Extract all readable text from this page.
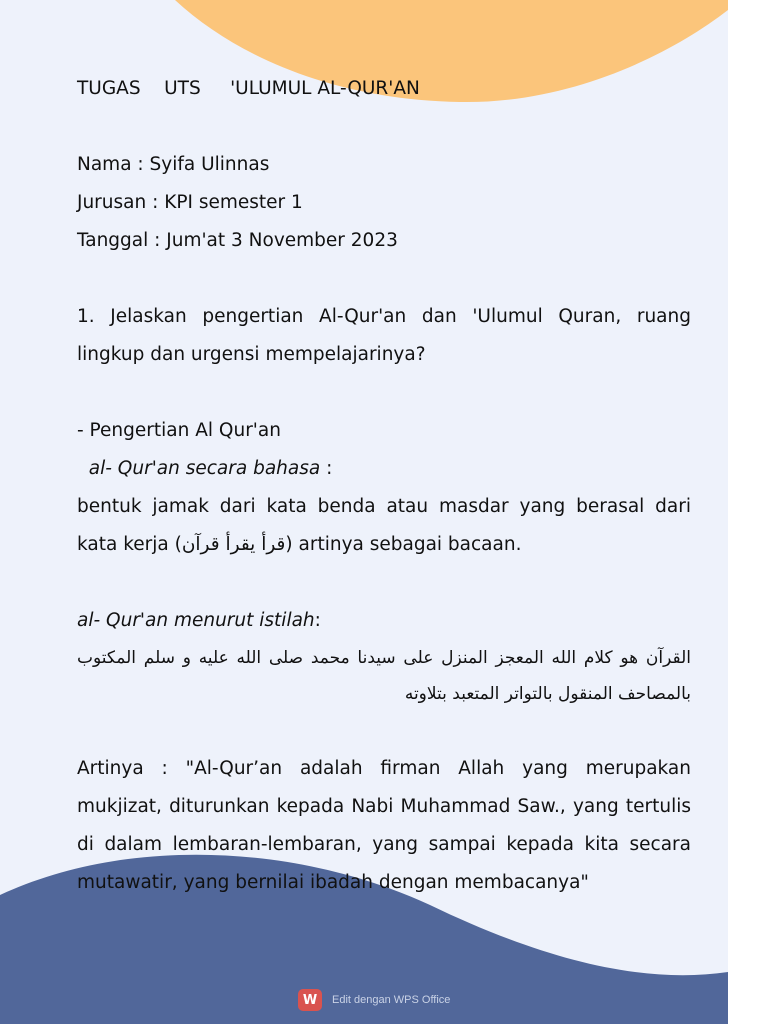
TUGAS    UTS     'ULUMUL AL-QUR'AN
Nama : Syifa Ulinnas
Jurusan : KPI semester 1
Tanggal : Jum'at 3 November 2023
1. Jelaskan pengertian Al-Qur'an dan 'Ulumul Quran, ruang lingkup dan urgensi mempelajarinya?
- Pengertian Al Qur'an
al- Qur'an secara bahasa :
bentuk jamak dari kata benda atau masdar yang berasal dari kata kerja (قرأ يقرأ قرآن) artinya sebagai bacaan.
al- Qur'an menurut istilah:
القرآن هو كلام الله المعجز المنزل على سيدنا محمد صلى الله عليه و سلم المكتوب بالمصاحف المنقول بالتواتر المتعبد بتلاوته
Artinya : "Al-Qur’an adalah firman Allah yang merupakan mukjizat, diturunkan kepada Nabi Muhammad Saw., yang tertulis di dalam lembaran-lembaran, yang sampai kepada kita secara mutawatir, yang bernilai ibadah dengan membacanya"
W	Edit dengan WPS Office
